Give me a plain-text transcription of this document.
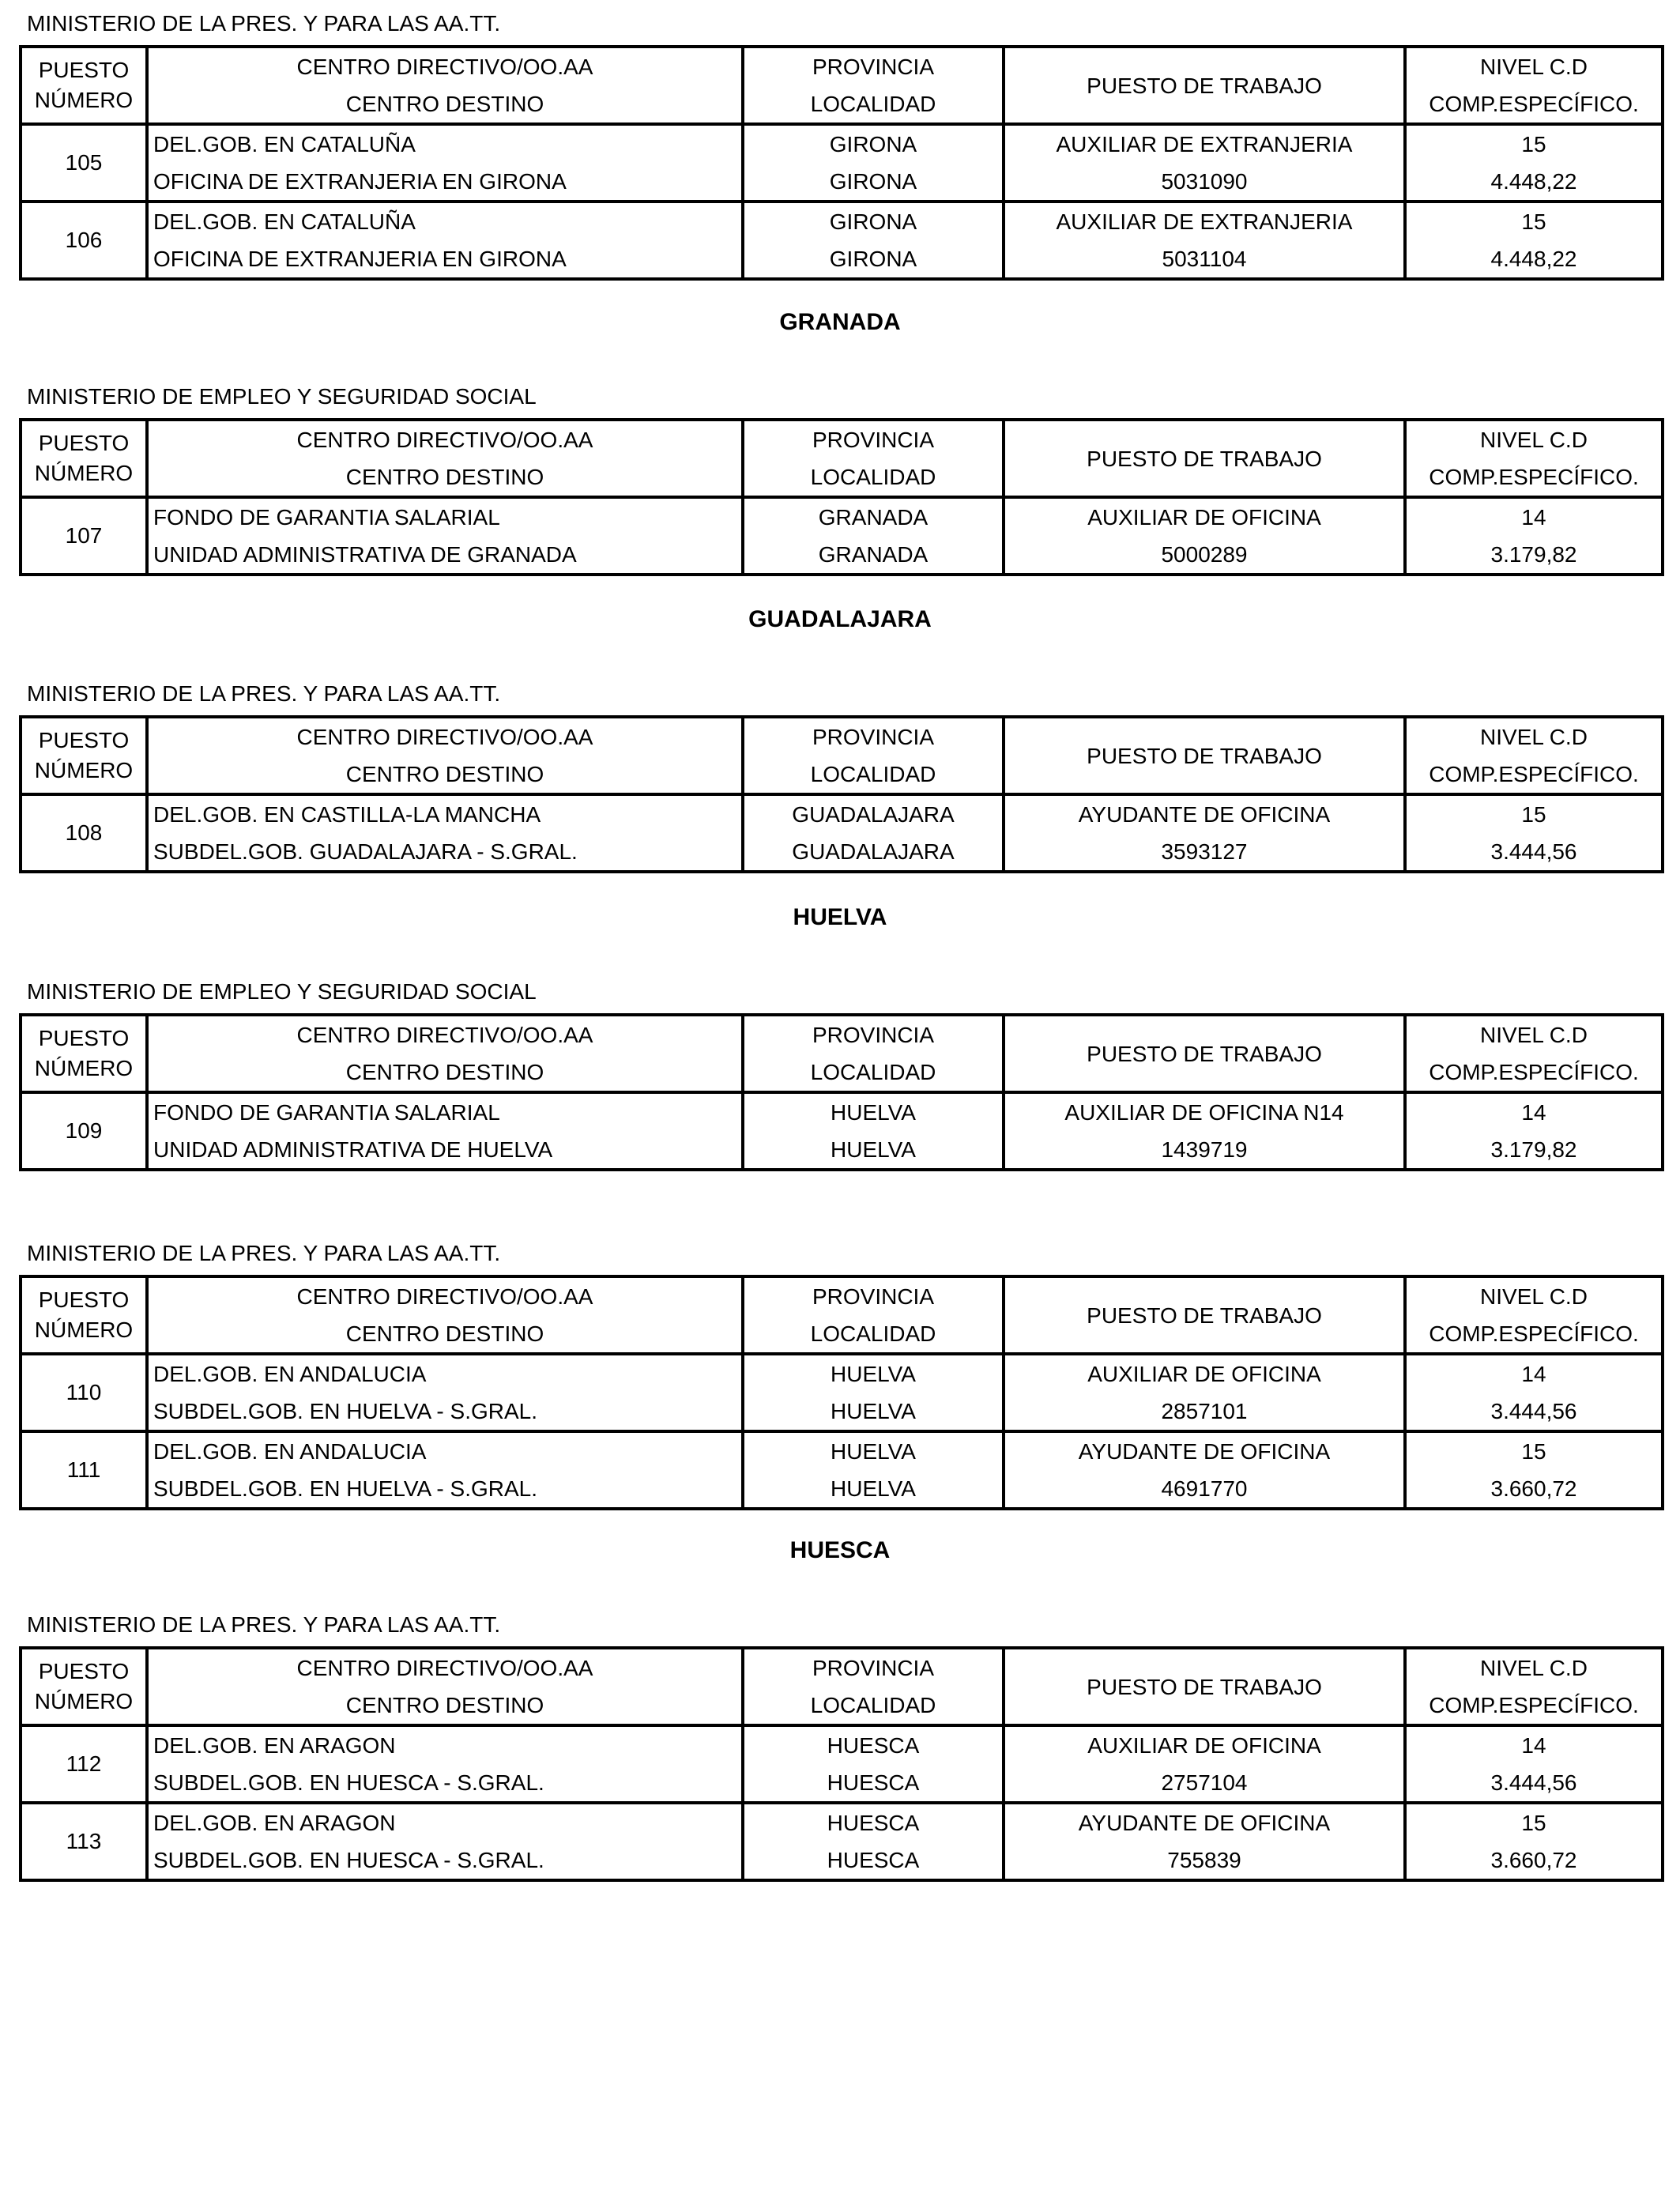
MINISTERIO DE LA PRES. Y PARA LAS AA.TT.
PUESTO
NÚMERO	CENTRO DIRECTIVO/OO.AA	PROVINCIA	PUESTO DE TRABAJO	NIVEL C.D
	CENTRO DESTINO	LOCALIDAD		COMP.ESPECÍFICO.
105	DEL.GOB. EN CATALUÑA	GIRONA	AUXILIAR DE EXTRANJERIA	15
	OFICINA DE EXTRANJERIA EN GIRONA	GIRONA	5031090	4.448,22
106	DEL.GOB. EN CATALUÑA	GIRONA	AUXILIAR DE EXTRANJERIA	15
	OFICINA DE EXTRANJERIA EN GIRONA	GIRONA	5031104	4.448,22
GRANADA
MINISTERIO DE EMPLEO Y SEGURIDAD SOCIAL
PUESTO
NÚMERO	CENTRO DIRECTIVO/OO.AA	PROVINCIA	PUESTO DE TRABAJO	NIVEL C.D
	CENTRO DESTINO	LOCALIDAD		COMP.ESPECÍFICO.
107	FONDO DE GARANTIA SALARIAL	GRANADA	AUXILIAR DE OFICINA	14
	UNIDAD ADMINISTRATIVA DE GRANADA	GRANADA	5000289	3.179,82
GUADALAJARA
MINISTERIO DE LA PRES. Y PARA LAS AA.TT.
PUESTO
NÚMERO	CENTRO DIRECTIVO/OO.AA	PROVINCIA	PUESTO DE TRABAJO	NIVEL C.D
	CENTRO DESTINO	LOCALIDAD		COMP.ESPECÍFICO.
108	DEL.GOB. EN CASTILLA-LA MANCHA	GUADALAJARA	AYUDANTE DE OFICINA	15
	SUBDEL.GOB. GUADALAJARA - S.GRAL.	GUADALAJARA	3593127	3.444,56
HUELVA
MINISTERIO DE EMPLEO Y SEGURIDAD SOCIAL
PUESTO
NÚMERO	CENTRO DIRECTIVO/OO.AA	PROVINCIA	PUESTO DE TRABAJO	NIVEL C.D
	CENTRO DESTINO	LOCALIDAD		COMP.ESPECÍFICO.
109	FONDO DE GARANTIA SALARIAL	HUELVA	AUXILIAR DE OFICINA N14	14
	UNIDAD ADMINISTRATIVA DE HUELVA	HUELVA	1439719	3.179,82
MINISTERIO DE LA PRES. Y PARA LAS AA.TT.
PUESTO
NÚMERO	CENTRO DIRECTIVO/OO.AA	PROVINCIA	PUESTO DE TRABAJO	NIVEL C.D
	CENTRO DESTINO	LOCALIDAD		COMP.ESPECÍFICO.
110	DEL.GOB. EN ANDALUCIA	HUELVA	AUXILIAR DE OFICINA	14
	SUBDEL.GOB. EN HUELVA - S.GRAL.	HUELVA	2857101	3.444,56
111	DEL.GOB. EN ANDALUCIA	HUELVA	AYUDANTE DE OFICINA	15
	SUBDEL.GOB. EN HUELVA - S.GRAL.	HUELVA	4691770	3.660,72
HUESCA
MINISTERIO DE LA PRES. Y PARA LAS AA.TT.
PUESTO
NÚMERO	CENTRO DIRECTIVO/OO.AA	PROVINCIA	PUESTO DE TRABAJO	NIVEL C.D
	CENTRO DESTINO	LOCALIDAD		COMP.ESPECÍFICO.
112	DEL.GOB. EN ARAGON	HUESCA	AUXILIAR DE OFICINA	14
	SUBDEL.GOB. EN HUESCA - S.GRAL.	HUESCA	2757104	3.444,56
113	DEL.GOB. EN ARAGON	HUESCA	AYUDANTE DE OFICINA	15
	SUBDEL.GOB. EN HUESCA - S.GRAL.	HUESCA	755839	3.660,72
